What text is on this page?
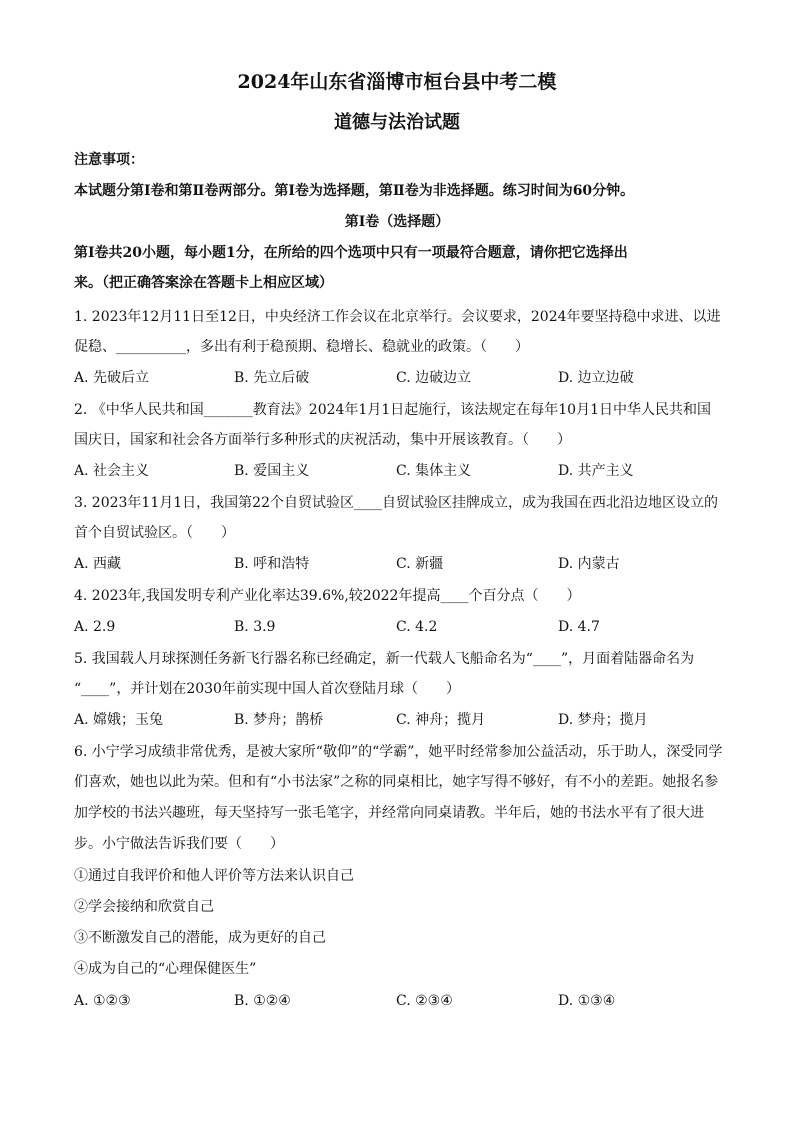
2024年山东省淄博市桓台县中考二模
道德与法治试题
注意事项：
本试题分第Ⅰ卷和第Ⅱ卷两部分。第Ⅰ卷为选择题，第Ⅱ卷为非选择题。练习时间为60分钟。
第Ⅰ卷（选择题）
第Ⅰ卷共20小题，每小题1分，在所给的四个选项中只有一项最符合题意，请你把它选择出
来。（把正确答案涂在答题卡上相应区域）
1. 2023年12月11日至12日，中央经济工作会议在北京举行。会议要求，2024年要坚持稳中求进、以进
促稳、__________，多出有利于稳预期、稳增长、稳就业的政策。（　　）
A. 先破后立	B. 先立后破	C. 边破边立	D. 边立边破
2. 《中华人民共和国_______教育法》2024年1月1日起施行，该法规定在每年10月1日中华人民共和国
国庆日，国家和社会各方面举行多种形式的庆祝活动，集中开展该教育。（　　）
A. 社会主义	B. 爱国主义	C. 集体主义	D. 共产主义
3. 2023年11月1日，我国第22个自贸试验区____自贸试验区挂牌成立，成为我国在西北沿边地区设立的
首个自贸试验区。（　　）
A. 西藏	B. 呼和浩特	C. 新疆	D. 内蒙古
4. 2023年,我国发明专利产业化率达39.6%,较2022年提高____个百分点（　　）
A. 2.9	B. 3.9	C. 4.2	D. 4.7
5. 我国载人月球探测任务新飞行器名称已经确定，新一代载人飞船命名为“____”，月面着陆器命名为
“____”，并计划在2030年前实现中国人首次登陆月球（　　）
A. 嫦娥；玉兔	B. 梦舟；鹊桥	C. 神舟；揽月	D. 梦舟；揽月
6. 小宁学习成绩非常优秀，是被大家所“敬仰”的“学霸”，她平时经常参加公益活动，乐于助人，深受同学
们喜欢，她也以此为荣。但和有“小书法家”之称的同桌相比，她字写得不够好，有不小的差距。她报名参
加学校的书法兴趣班，每天坚持写一张毛笔字，并经常向同桌请教。半年后，她的书法水平有了很大进
步。小宁做法告诉我们要（　　）
①通过自我评价和他人评价等方法来认识自己
②学会接纳和欣赏自己
③不断激发自己的潜能，成为更好的自己
④成为自己的“心理保健医生”
A. ①②③	B. ①②④	C. ②③④	D. ①③④
